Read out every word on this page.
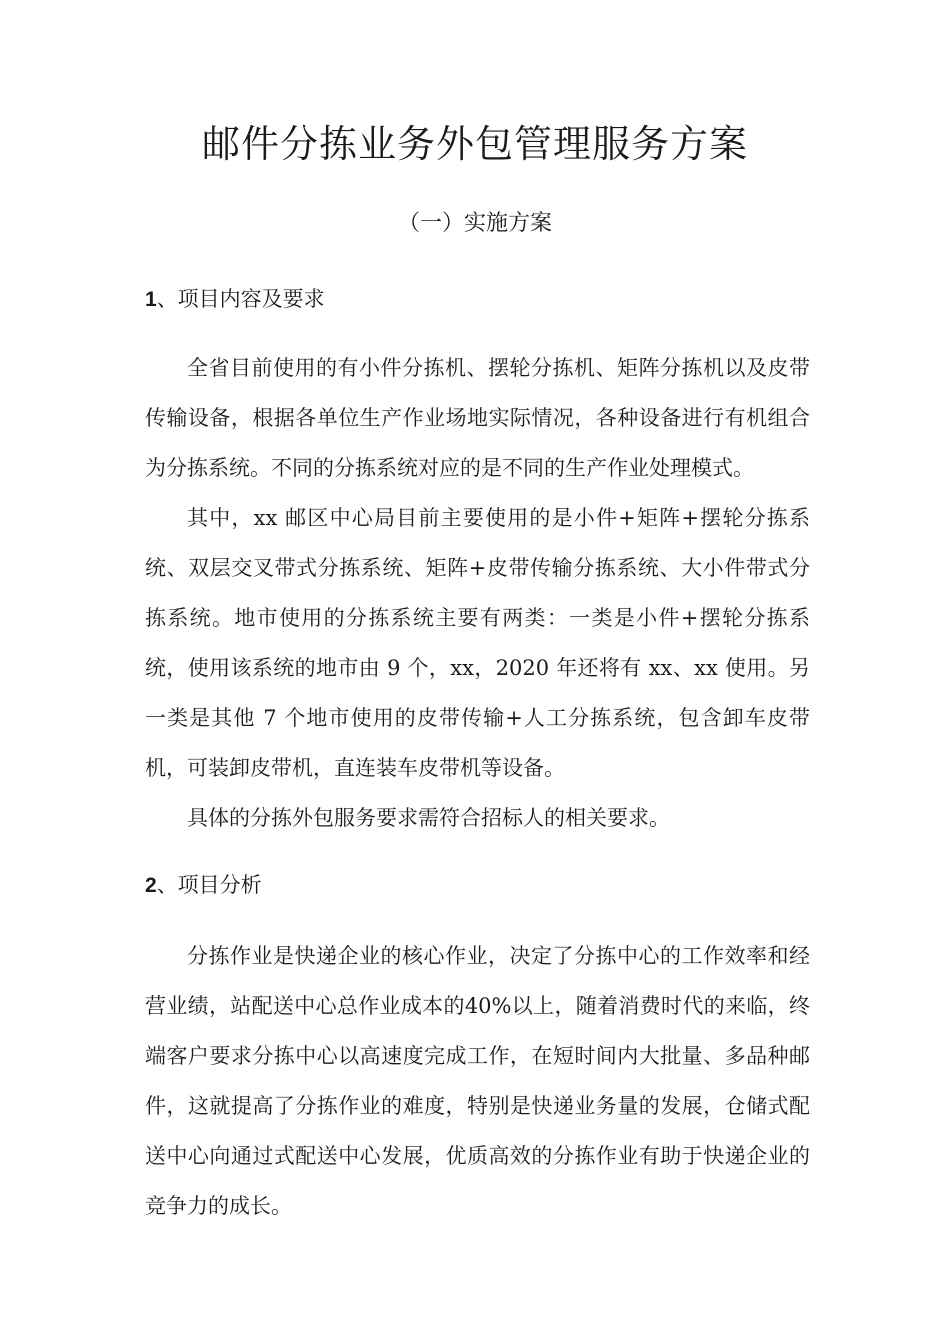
邮件分拣业务外包管理服务方案
（一）实施方案
1、项目内容及要求

全省目前使用的有小件分拣机、摆轮分拣机、矩阵分拣机以及皮带传输设备，根据各单位生产作业场地实际情况，各种设备进行有机组合为分拣系统。不同的分拣系统对应的是不同的生产作业处理模式。

其中，xx 邮区中心局目前主要使用的是小件+矩阵+摆轮分拣系统、双层交叉带式分拣系统、矩阵+皮带传输分拣系统、大小件带式分拣系统。地市使用的分拣系统主要有两类：一类是小件+摆轮分拣系统，使用该系统的地市由 9 个，xx，2020 年还将有 xx、xx 使用。另一类是其他 7 个地市使用的皮带传输+人工分拣系统，包含卸车皮带机，可装卸皮带机，直连装车皮带机等设备。

具体的分拣外包服务要求需符合招标人的相关要求。

2、项目分析

分拣作业是快递企业的核心作业，决定了分拣中心的工作效率和经营业绩，站配送中心总作业成本的40%以上，随着消费时代的来临，终端客户要求分拣中心以高速度完成工作，在短时间内大批量、多品种邮件，这就提高了分拣作业的难度，特别是快递业务量的发展，仓储式配送中心向通过式配送中心发展，优质高效的分拣作业有助于快递企业的竞争力的成长。
